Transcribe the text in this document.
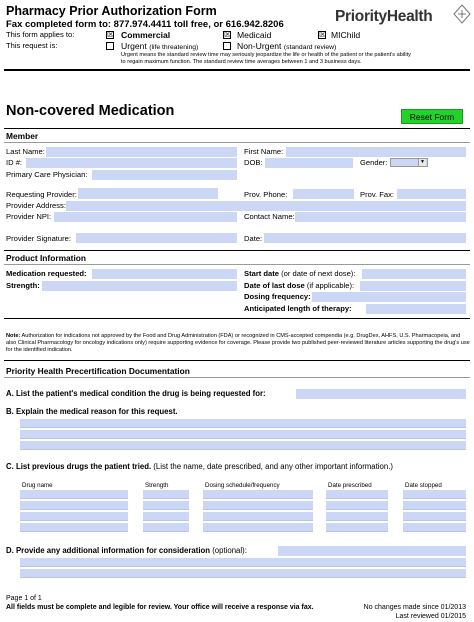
Pharmacy Prior Authorization Form
Fax completed form to: 877.974.4411 toll free, or 616.942.8206	PriorityHealth
This form applies to:	☒ Commercial	☒ Medicaid	☒ MIChild
This request is:	Urgent (life threatening)	Non-Urgent (standard review)
Urgent means the standard review time may seriously jeopardize the life or health of the patient or the patient's ability
to regain maximum function. The standard review time averages between 1 and 3 business days.
Non-covered Medication	Reset Form
Member
Last Name:	First Name:
ID #:	DOB:	Gender:	▼
Primary Care Physician:
Requesting Provider:	Prov. Phone:	Prov. Fax:
Provider Address:
Provider NPI:	Contact Name:
Provider Signature:	Date:
Product Information
Medication requested:	Start date (or date of next dose):
Strength:	Date of last dose (if applicable):
Dosing frequency:
Anticipated length of therapy:
Note: Authorization for indications not approved by the Food and Drug Administration (FDA) or recognized in CMS-accepted compendia (e.g. DrugDex, AHFS, U.S. Pharmacopeia, and also Clinical Pharmacology for oncology indications only) require supporting evidence for coverage. Please provide two published peer-reviewed literature articles supporting the drug's use for the identified indication.
Priority Health Precertification Documentation
A. List the patient's medical condition the drug is being requested for:
B. Explain the medical reason for this request.
C. List previous drugs the patient tried. (List the name, date prescribed, and any other important information.)
Drug name	Strength	Dosing schedule/frequency	Date prescribed	Date stopped
D. Provide any additional information for consideration (optional):
Page 1 of 1
All fields must be complete and legible for review. Your office will receive a response via fax.	No changes made since 01/2013
Last reviewed 01/2015
